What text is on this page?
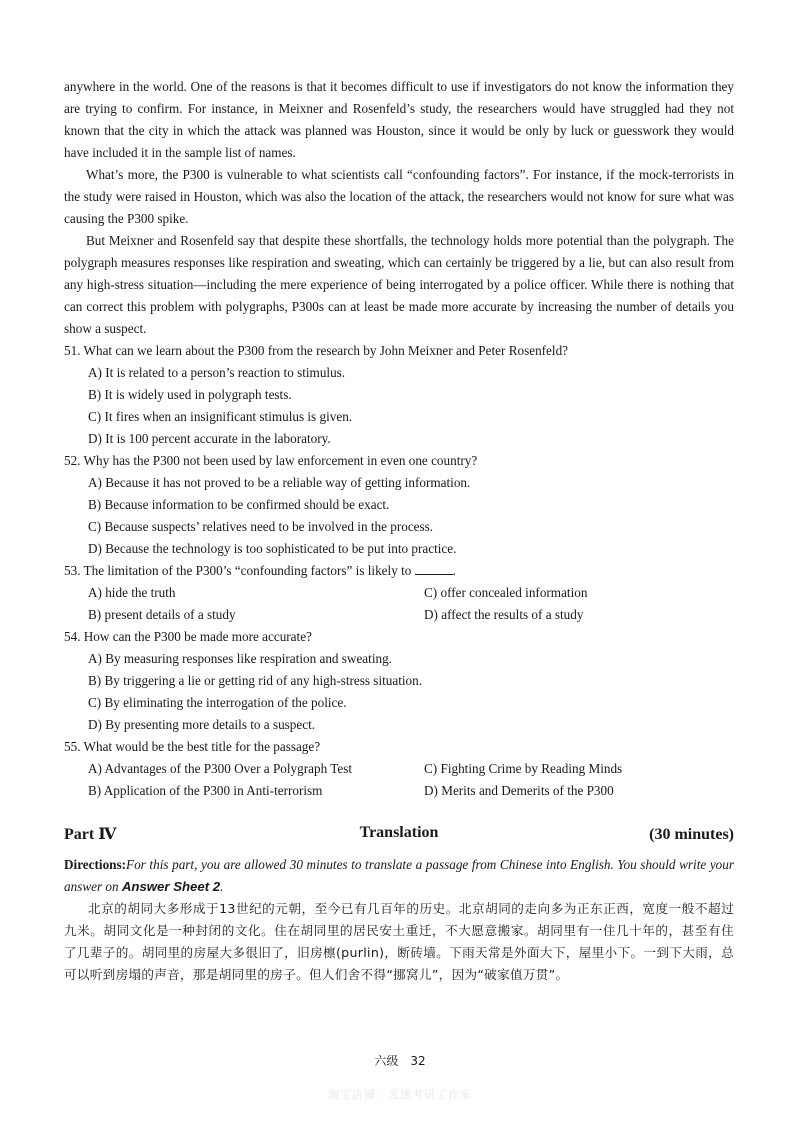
anywhere in the world. One of the reasons is that it becomes difficult to use if investigators do not know the information they are trying to confirm. For instance, in Meixner and Rosenfeld’s study, the researchers would have struggled had they not known that the city in which the attack was planned was Houston, since it would be only by luck or guesswork they would have included it in the sample list of names.

What’s more, the P300 is vulnerable to what scientists call “confounding factors”. For instance, if the mock-terrorists in the study were raised in Houston, which was also the location of the attack, the researchers would not know for sure what was causing the P300 spike.

But Meixner and Rosenfeld say that despite these shortfalls, the technology holds more potential than the polygraph. The polygraph measures responses like respiration and sweating, which can certainly be triggered by a lie, but can also result from any high-stress situation—including the mere experience of being interrogated by a police officer. While there is nothing that can correct this problem with polygraphs, P300s can at least be made more accurate by increasing the number of details you show a suspect.

51. What can we learn about the P300 from the research by John Meixner and Peter Rosenfeld?

A) It is related to a person’s reaction to stimulus.

B) It is widely used in polygraph tests.

C) It fires when an insignificant stimulus is given.

D) It is 100 percent accurate in the laboratory.

52. Why has the P300 not been used by law enforcement in even one country?

A) Because it has not proved to be a reliable way of getting information.

B) Because information to be confirmed should be exact.

C) Because suspects’ relatives need to be involved in the process.

D) Because the technology is too sophisticated to be put into practice.

53. The limitation of the P300’s “confounding factors” is likely to	.

A) hide the truth	C) offer concealed information
B) present details of a study	D) affect the results of a study

54. How can the P300 be made more accurate?

A) By measuring responses like respiration and sweating.

B) By triggering a lie or getting rid of any high-stress situation.

C) By eliminating the interrogation of the police.

D) By presenting more details to a suspect.

55. What would be the best title for the passage?

A) Advantages of the P300 Over a Polygraph Test	C) Fighting Crime by Reading Minds
B) Application of the P300 in Anti-terrorism	D) Merits and Demerits of the P300
Part Ⅳ	Translation	(30 minutes)

Directions:For this part, you are allowed 30 minutes to translate a passage from Chinese into English. You should write your answer on Answer Sheet 2.

北京的胡同大多形成于13世纪的元朝，至今已有几百年的历史。北京胡同的走向多为正东正西，宽度一般不超过九米。胡同文化是一种封闭的文化。住在胡同里的居民安土重迁，不大愿意搬家。胡同里有一住几十年的，甚至有住了几辈子的。胡同里的房屋大多很旧了，旧房檩(purlin)，断砖墙。下雨天常是外面大下，屋里小下。一到下大雨，总可以听到房塌的声音，那是胡同里的房子。但人们舍不得“挪窝儿”，因为“破家值万贯”。

六级　32
淘宝店铺：光速考研工作室
